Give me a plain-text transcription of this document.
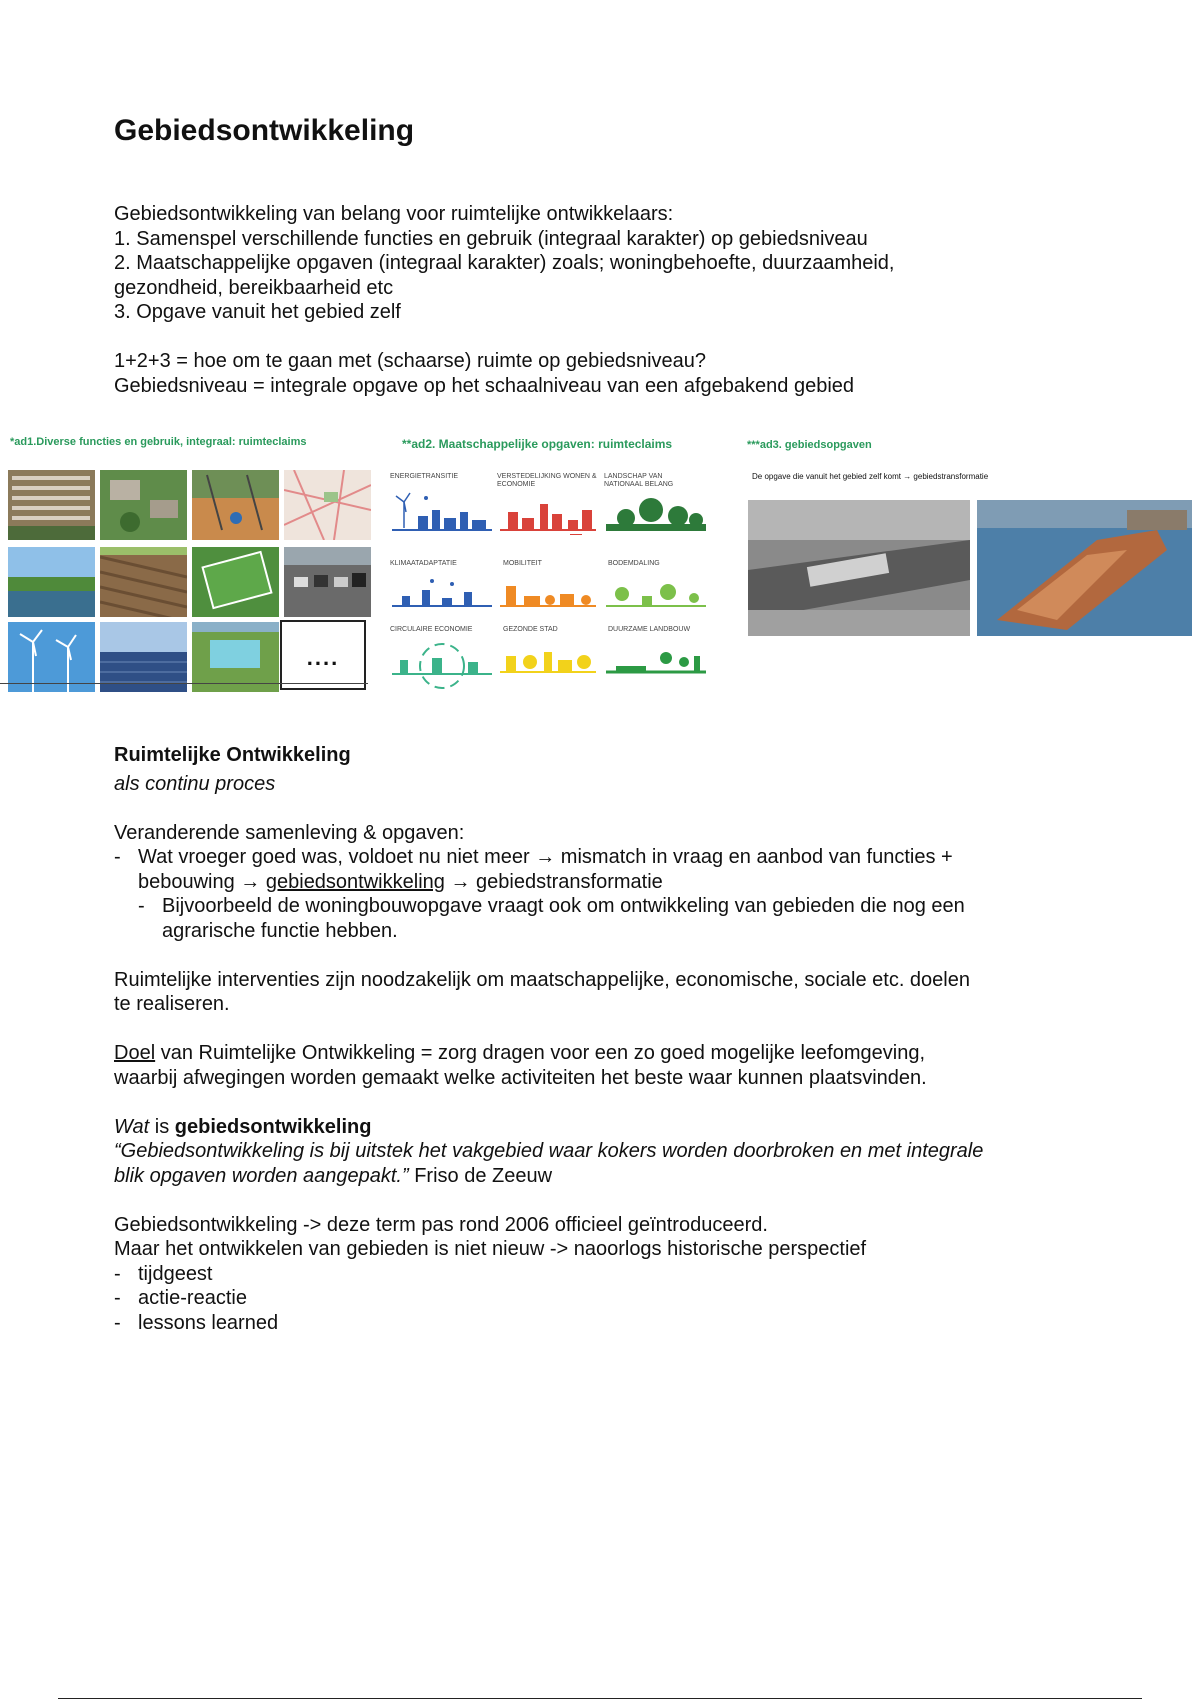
Gebiedsontwikkeling
Gebiedsontwikkeling van belang voor ruimtelijke ontwikkelaars:
1. Samenspel verschillende functies en gebruik (integraal karakter) op gebiedsniveau
2. Maatschappelijke opgaven (integraal karakter) zoals; woningbehoefte, duurzaamheid,
gezondheid, bereikbaarheid etc
3. Opgave vanuit het gebied zelf
1+2+3 = hoe om te gaan met (schaarse) ruimte op gebiedsniveau?
Gebiedsniveau = integrale opgave op het schaalniveau van een afgebakend gebied
*ad1.Diverse functies en gebruik, integraal: ruimteclaims
....
**ad2. Maatschappelijke opgaven: ruimteclaims
ENERGIETRANSITIE	VERSTEDELIJKING WONEN & ECONOMIE
LANDSCHAP VAN NATIONAAL BELANG
KLIMAATADAPTATIE	MOBILITEIT	BODEMDALING
CIRCULAIRE ECONOMIE	GEZONDE STAD	DUURZAME LANDBOUW
***ad3. gebiedsopgaven
De opgave die vanuit het gebied zelf komt → gebiedstransformatie
Ruimtelijke Ontwikkeling
als continu proces
Veranderende samenleving & opgaven:
- Wat vroeger goed was, voldoet nu niet meer → mismatch in vraag en aanbod van functies +
bebouwing → gebiedsontwikkeling → gebiedstransformatie
- Bijvoorbeeld de woningbouwopgave vraagt ook om ontwikkeling van gebieden die nog een
agrarische functie hebben.
Ruimtelijke interventies zijn noodzakelijk om maatschappelijke, economische, sociale etc. doelen
te realiseren.
Doel van Ruimtelijke Ontwikkeling = zorg dragen voor een zo goed mogelijke leefomgeving,
waarbij afwegingen worden gemaakt welke activiteiten het beste waar kunnen plaatsvinden.
Wat is gebiedsontwikkeling
“Gebiedsontwikkeling is bij uitstek het vakgebied waar kokers worden doorbroken en met integrale
blik opgaven worden aangepakt.” Friso de Zeeuw
Gebiedsontwikkeling -> deze term pas rond 2006 officieel geïntroduceerd.
Maar het ontwikkelen van gebieden is niet nieuw -> naoorlogs historische perspectief
- tijdgeest
- actie-reactie
- lessons learned
